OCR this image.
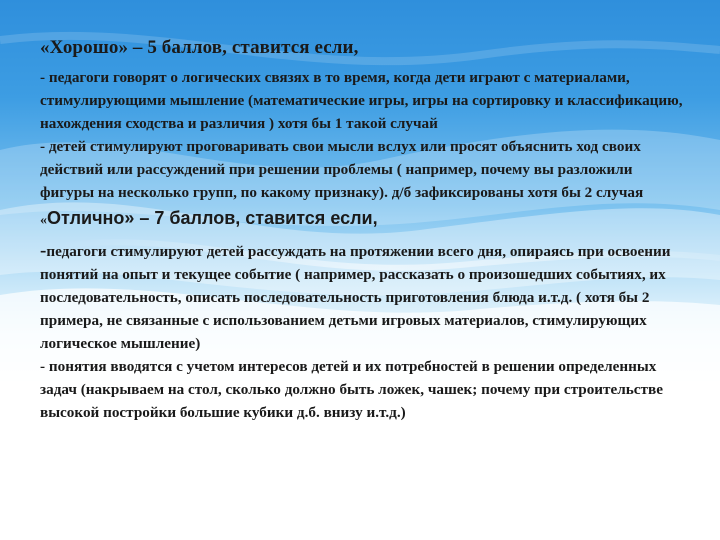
«Хорошо» – 5 баллов, ставится если,

- педагоги говорят о логических связях в то время, когда дети играют с материалами, стимулирующими мышление (математические игры, игры на сортировку и классификацию, нахождения сходства и различия ) хотя бы 1 такой случай

- детей стимулируют проговаривать свои мысли вслух или просят объяснить ход своих действий или рассуждений при решении проблемы ( например, почему вы разложили фигуры на несколько групп, по какому признаку). д/б зафиксированы хотя бы 2 случая

«Отлично» – 7 баллов, ставится если,

-педагоги стимулируют детей рассуждать на протяжении всего дня, опираясь при освоении понятий на опыт и текущее событие ( например, рассказать о произошедших событиях, их последовательность, описать последовательность приготовления блюда и.т.д. ( хотя бы 2 примера, не связанные с использованием детьми игровых материалов, стимулирующих логическое мышление)

- понятия вводятся с учетом интересов детей и их потребностей в решении определенных задач (накрываем на стол, сколько должно быть ложек, чашек; почему при строительстве высокой постройки большие кубики д.б. внизу и.т.д.)
